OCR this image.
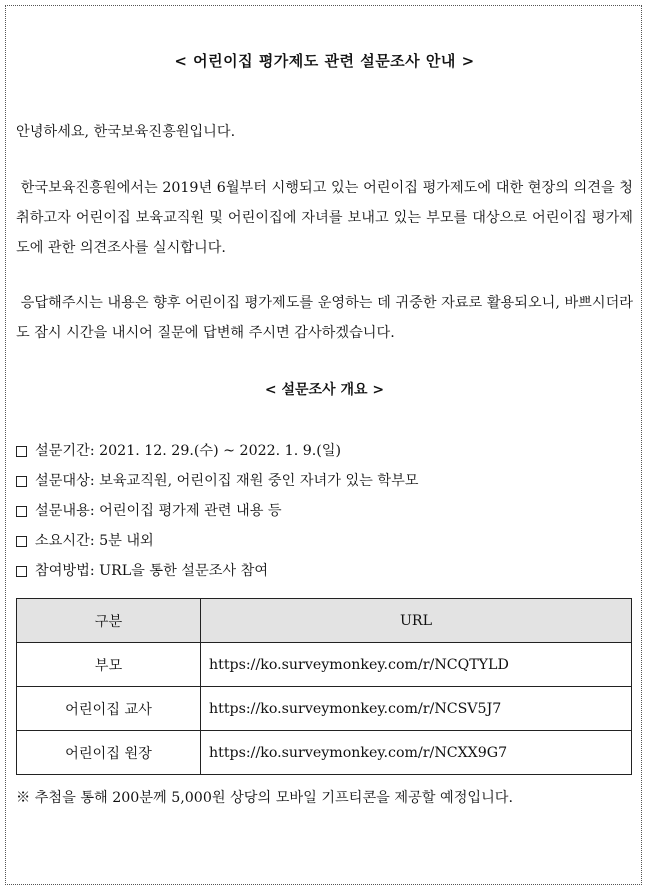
< 어린이집 평가제도 관련 설문조사 안내 >
안녕하세요, 한국보육진흥원입니다.
한국보육진흥원에서는 2019년 6월부터 시행되고 있는 어린이집 평가제도에 대한 현장의 의견을 청취하고자 어린이집 보육교직원 및 어린이집에 자녀를 보내고 있는 부모를 대상으로 어린이집 평가제도에 관한 의견조사를 실시합니다.
응답해주시는 내용은 향후 어린이집 평가제도를 운영하는 데 귀중한 자료로 활용되오니, 바쁘시더라도 잠시 시간을 내시어 질문에 답변해 주시면 감사하겠습니다.
< 설문조사 개요 >
설문기간: 2021. 12. 29.(수) ~ 2022. 1. 9.(일)
설문대상: 보육교직원, 어린이집 재원 중인 자녀가 있는 학부모
설문내용: 어린이집 평가제 관련 내용 등
소요시간: 5분 내외
참여방법: URL을 통한 설문조사 참여
구분	URL
부모	https://ko.surveymonkey.com/r/NCQTYLD
어린이집 교사	https://ko.surveymonkey.com/r/NCSV5J7
어린이집 원장	https://ko.surveymonkey.com/r/NCXX9G7
※ 추첨을 통해 200분께 5,000원 상당의 모바일 기프티콘을 제공할 예정입니다.
